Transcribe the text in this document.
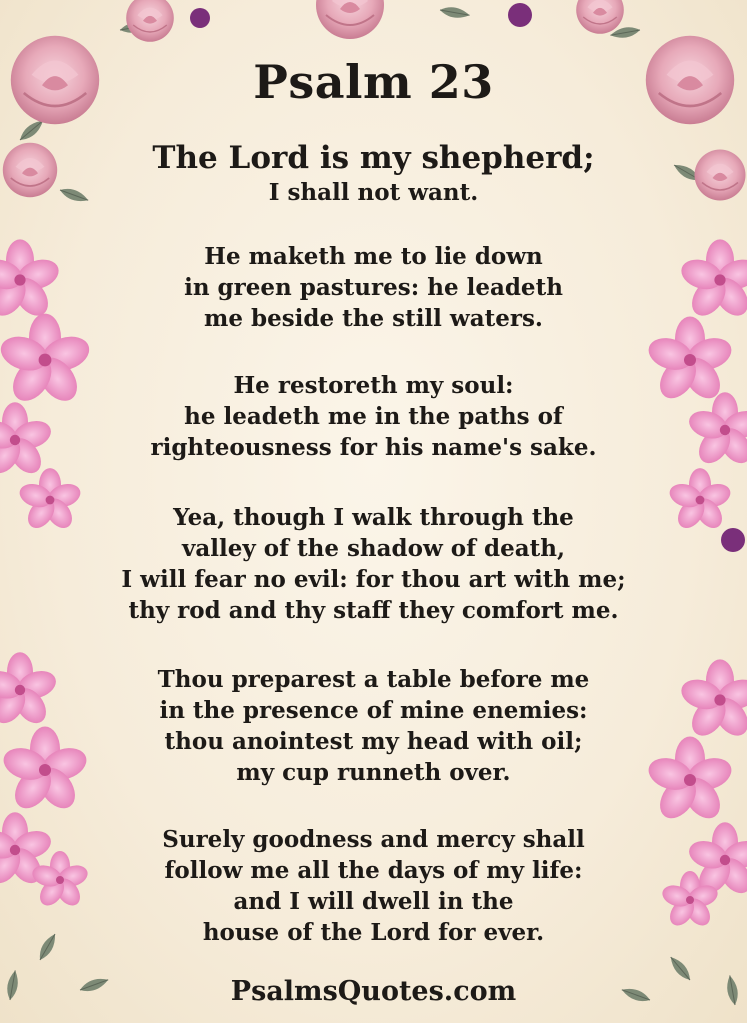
Psalm 23

The Lord is my shepherd;

I shall not want.
He maketh me to lie down
in green pastures: he leadeth
me beside the still waters.
He restoreth my soul:
he leadeth me in the paths of
righteousness for his name's sake.
Yea, though I walk through the
valley of the shadow of death,
I will fear no evil: for thou art with me;
thy rod and thy staff they comfort me.
Thou preparest a table before me
in the presence of mine enemies:
thou anointest my head with oil;
my cup runneth over.
Surely goodness and mercy shall
follow me all the days of my life:
and I will dwell in the
house of the Lord for ever.

PsalmsQuotes.com
